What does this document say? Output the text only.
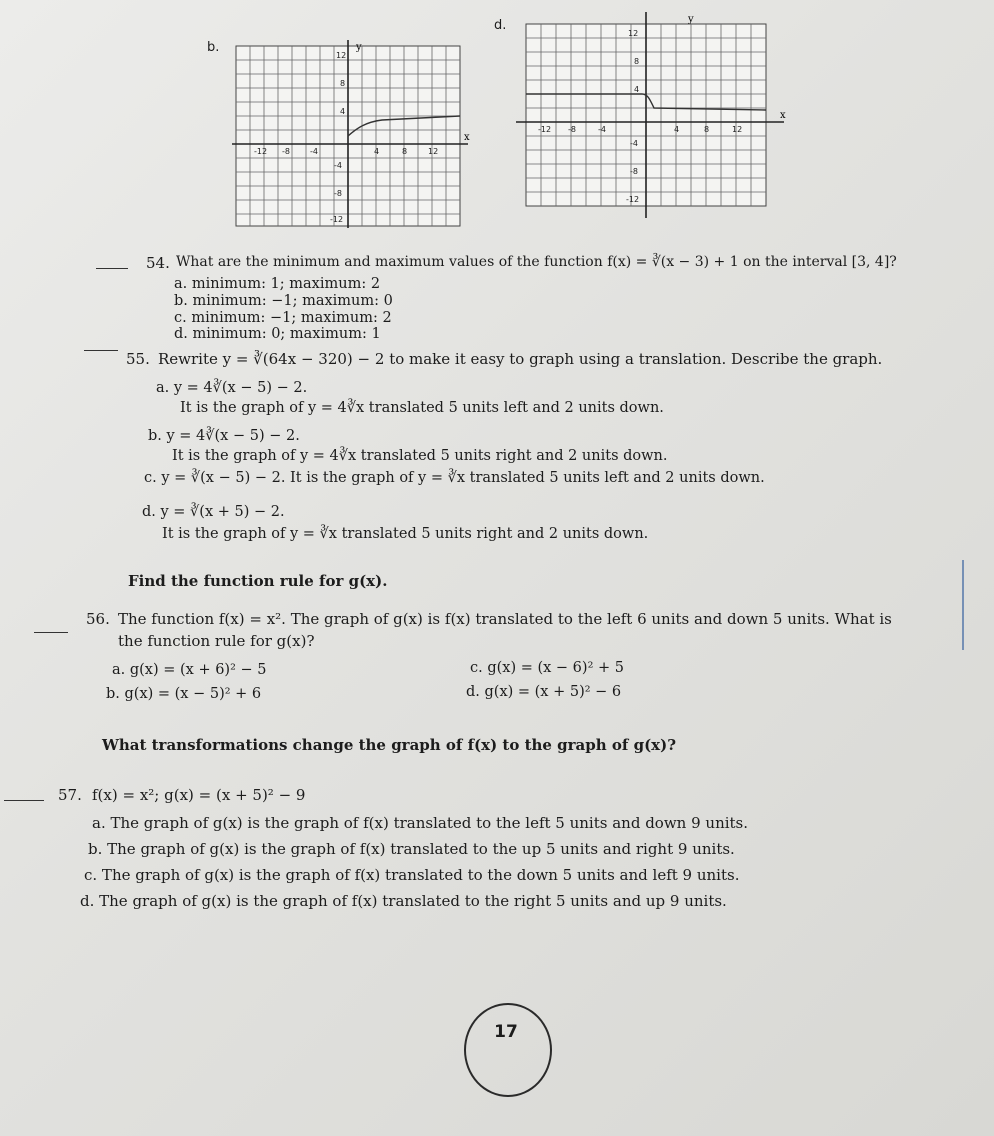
b.	y
x
12
8
4
-4
-8
-12
-12 -8	-4	4	8	12
d.	y
x
12
8
4
-4
-8
-12
-12 -8	-4	4	8	12
54. What are the minimum and maximum values of the function f(x) = ∛(x − 3) + 1 on the interval [3, 4]?
a. minimum: 1; maximum: 2
b. minimum: −1; maximum: 0
c. minimum: −1; maximum: 2
d. minimum: 0; maximum: 1
55. Rewrite y = ∛(64x − 320) − 2 to make it easy to graph using a translation. Describe the graph.
a. y = 4∛(x − 5) − 2.
It is the graph of y = 4∛x translated 5 units left and 2 units down.
b. y = 4∛(x − 5) − 2.
It is the graph of y = 4∛x translated 5 units right and 2 units down.
c. y = ∛(x − 5) − 2. It is the graph of y = ∛x translated 5 units left and 2 units down.
d. y = ∛(x + 5) − 2.
It is the graph of y = ∛x translated 5 units right and 2 units down.
Find the function rule for g(x).
56. The function f(x) = x². The graph of g(x) is f(x) translated to the left 6 units and down 5 units. What is
the function rule for g(x)?
a. g(x) = (x + 6)² − 5
b. g(x) = (x − 5)² + 6
c. g(x) = (x − 6)² + 5
d. g(x) = (x + 5)² − 6
What transformations change the graph of f(x) to the graph of g(x)?
57. f(x) = x²; g(x) = (x + 5)² − 9
a. The graph of g(x) is the graph of f(x) translated to the left 5 units and down 9 units.
b. The graph of g(x) is the graph of f(x) translated to the up 5 units and right 9 units.
c. The graph of g(x) is the graph of f(x) translated to the down 5 units and left 9 units.
d. The graph of g(x) is the graph of f(x) translated to the right 5 units and up 9 units.
17
